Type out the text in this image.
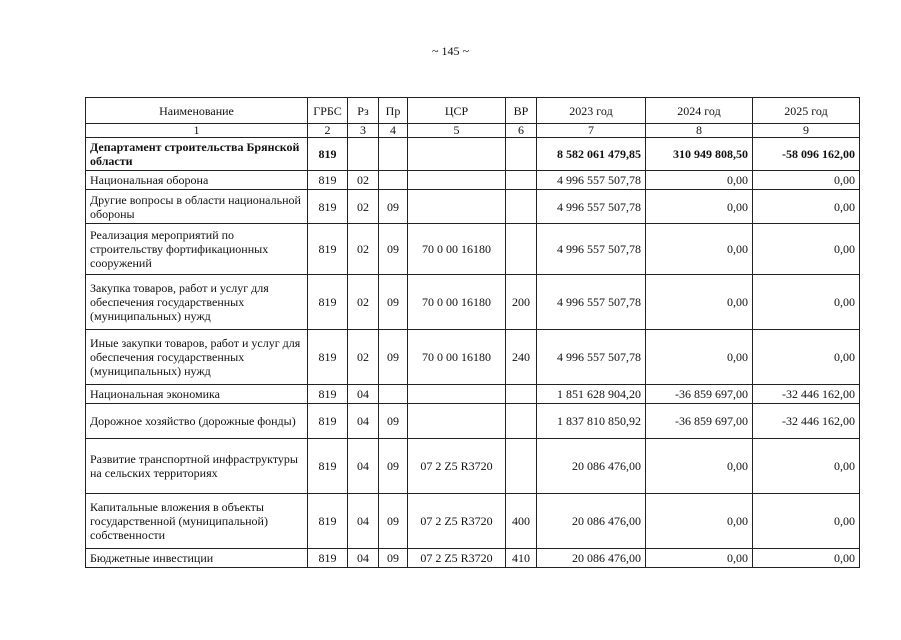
~ 145 ~
Наименование	ГРБС	Рз	Пр	ЦСР	ВР	2023 год	2024 год	2025 год
1	2	3	4	5	6	7	8	9
Департамент строительства Брянской области	819					8 582 061 479,85	310 949 808,50	-58 096 162,00
Национальная оборона	819	02				4 996 557 507,78	0,00	0,00
Другие вопросы в области национальной обороны	819	02	09			4 996 557 507,78	0,00	0,00
Реализация мероприятий по строительству фортификационных сооружений	819	02	09	70 0 00 16180		4 996 557 507,78	0,00	0,00
Закупка товаров, работ и услуг для обеспечения государственных (муниципальных) нужд	819	02	09	70 0 00 16180	200	4 996 557 507,78	0,00	0,00
Иные закупки товаров, работ и услуг для обеспечения государственных (муниципальных) нужд	819	02	09	70 0 00 16180	240	4 996 557 507,78	0,00	0,00
Национальная экономика	819	04				1 851 628 904,20	-36 859 697,00	-32 446 162,00
Дорожное хозяйство (дорожные фонды)	819	04	09			1 837 810 850,92	-36 859 697,00	-32 446 162,00
Развитие транспортной инфраструктуры на сельских территориях	819	04	09	07 2 Z5 R3720		20 086 476,00	0,00	0,00
Капитальные вложения в объекты государственной (муниципальной) собственности	819	04	09	07 2 Z5 R3720	400	20 086 476,00	0,00	0,00
Бюджетные инвестиции	819	04	09	07 2 Z5 R3720	410	20 086 476,00	0,00	0,00
